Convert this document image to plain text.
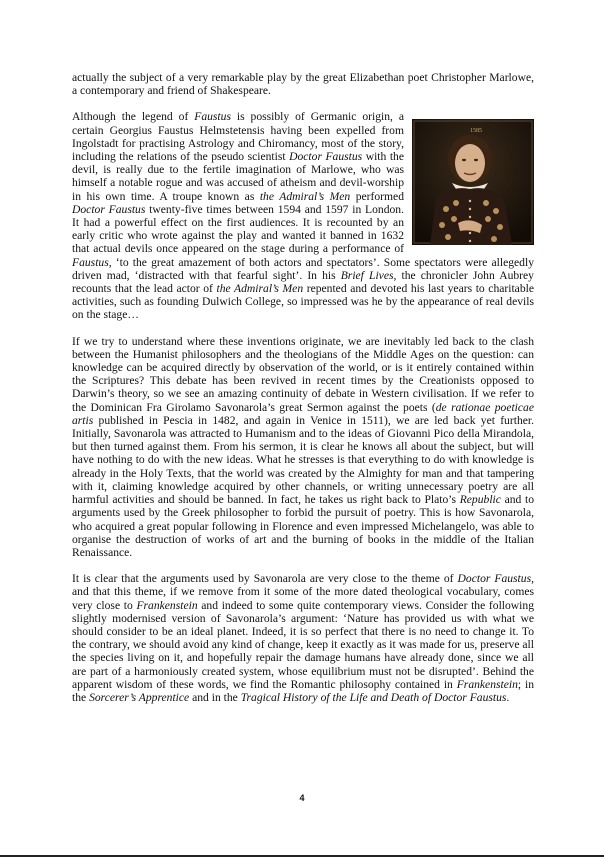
actually the subject of a very remarkable play by the great Elizabethan poet Christopher Marlowe, a contemporary and friend of Shakespeare.

1585
Although the legend of Faustus is possibly of Germanic origin, a certain Georgius Faustus Helmstetensis having been expelled from Ingolstadt for practising Astrology and Chiromancy, most of the story, including the relations of the pseudo scientist Doctor Faustus with the devil, is really due to the fertile imagination of Marlowe, who was himself a notable rogue and was accused of atheism and devil-worship in his own time. A troupe known as the Admiral’s Men performed Doctor Faustus twenty-five times between 1594 and 1597 in London. It had a powerful effect on the first audiences. It is recounted by an early critic who wrote against the play and wanted it banned in 1632 that actual devils once appeared on the stage during a performance of Faustus, ‘to the great amazement of both actors and spectators’. Some spectators were allegedly driven mad, ‘distracted with that fearful sight’. In his Brief Lives, the chronicler John Aubrey recounts that the lead actor of the Admiral’s Men repented and devoted his last years to charitable activities, such as founding Dulwich College, so impressed was he by the appearance of real devils on the stage…

If we try to understand where these inventions originate, we are inevitably led back to the clash between the Humanist philosophers and the theologians of the Middle Ages on the question: can knowledge can be acquired directly by observation of the world, or is it entirely contained within the Scriptures? This debate has been revived in recent times by the Creationists opposed to Darwin’s theory, so we see an amazing continuity of debate in Western civilisation. If we refer to the Dominican Fra Girolamo Savonarola’s great Sermon against the poets (de rationae poeticae artis published in Pescia in 1482, and again in Venice in 1511), we are led back yet further. Initially, Savonarola was attracted to Humanism and to the ideas of Giovanni Pico della Mirandola, but then turned against them. From his sermon, it is clear he knows all about the subject, but will have nothing to do with the new ideas. What he stresses is that everything to do with knowledge is already in the Holy Texts, that the world was created by the Almighty for man and that tampering with it, claiming knowledge acquired by other channels, or writing unnecessary poetry are all harmful activities and should be banned. In fact, he takes us right back to Plato’s Republic and to arguments used by the Greek philosopher to forbid the pursuit of poetry. This is how Savonarola, who acquired a great popular following in Florence and even impressed Michelangelo, was able to organise the destruction of works of art and the burning of books in the middle of the Italian Renaissance.

It is clear that the arguments used by Savonarola are very close to the theme of Doctor Faustus, and that this theme, if we remove from it some of the more dated theological vocabulary, comes very close to Frankenstein and indeed to some quite contemporary views. Consider the following slightly modernised version of Savonarola’s argument: ‘Nature has provided us with what we should consider to be an ideal planet. Indeed, it is so perfect that there is no need to change it. To the contrary, we should avoid any kind of change, keep it exactly as it was made for us, preserve all the species living on it, and hopefully repair the damage humans have already done, since we all are part of a harmoniously created system, whose equilibrium must not be disrupted’. Behind the apparent wisdom of these words, we find the Romantic philosophy contained in Frankenstein; in the Sorcerer’s Apprentice and in the Tragical History of the Life and Death of Doctor Faustus.

4
